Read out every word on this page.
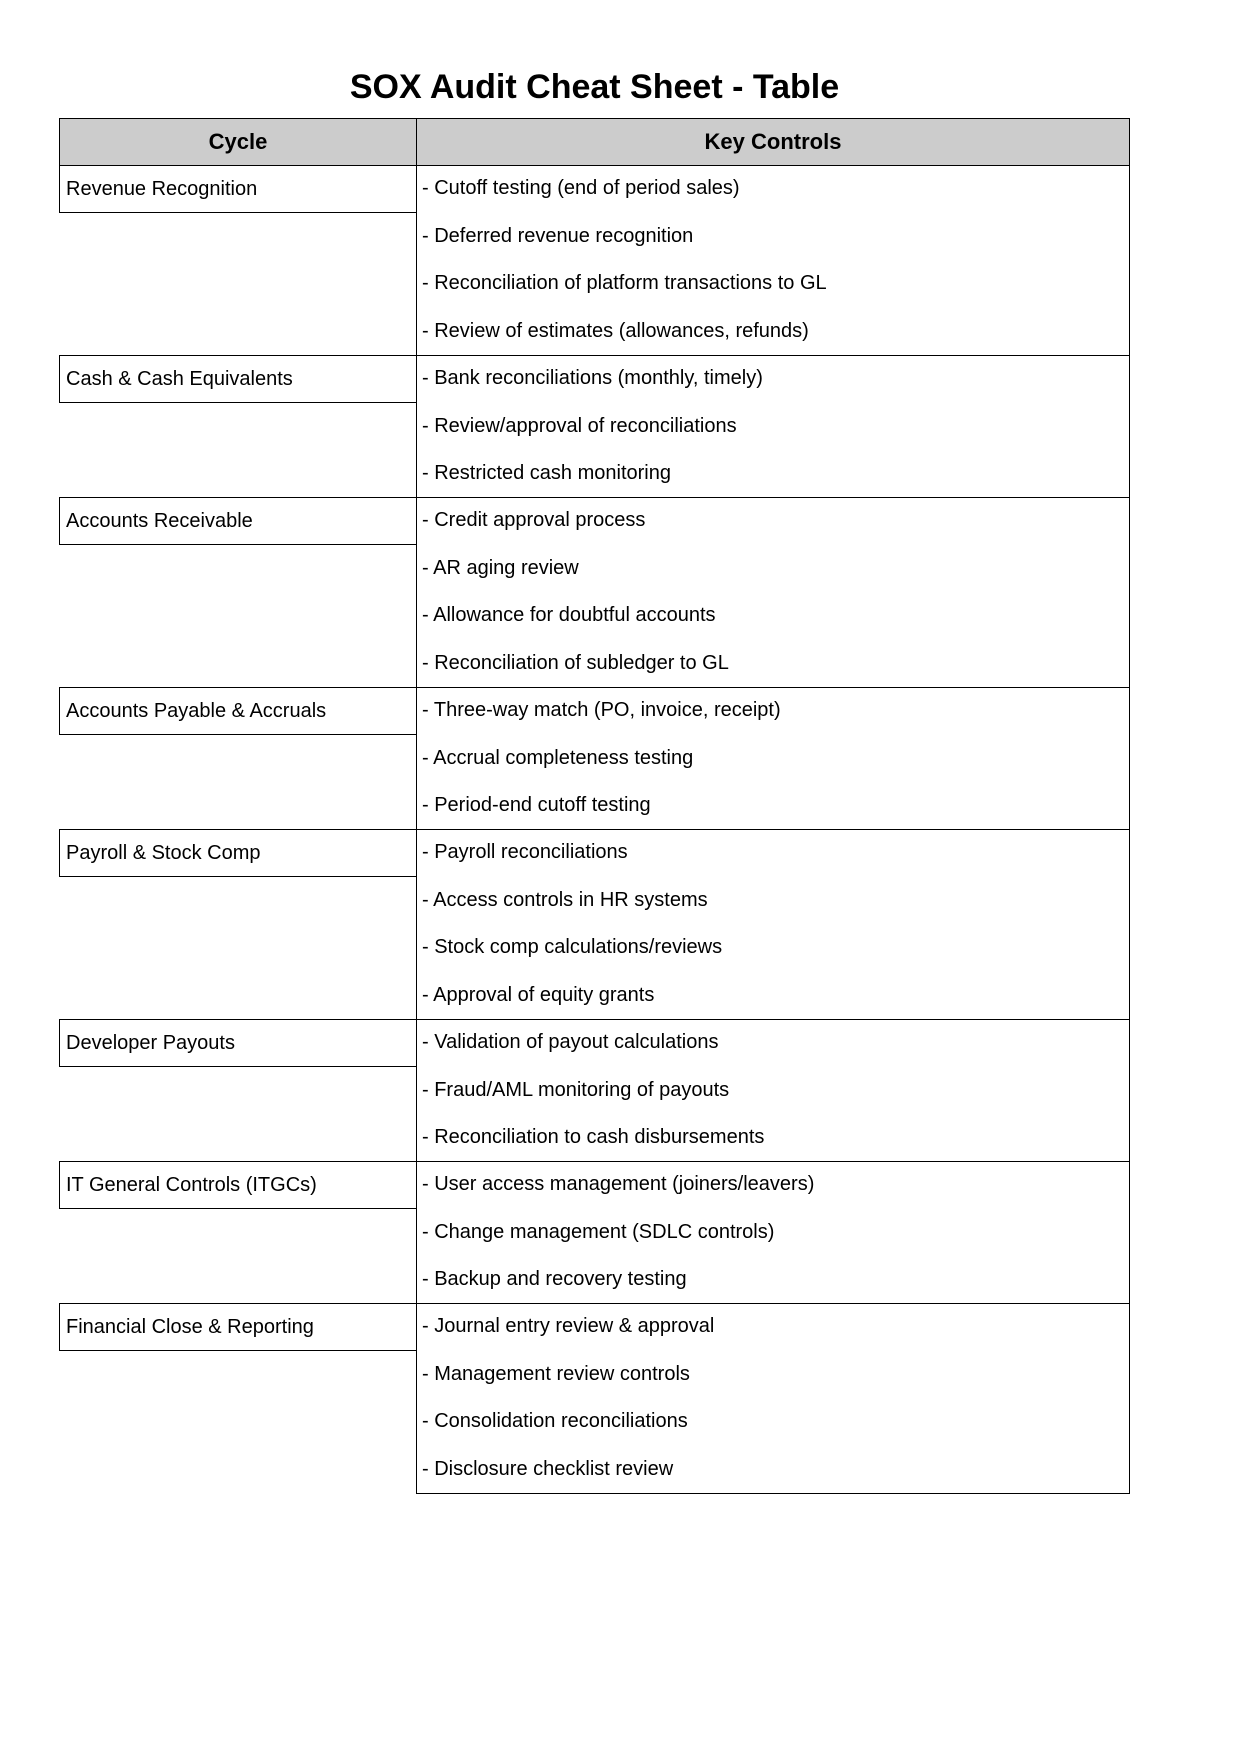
SOX Audit Cheat Sheet - Table
Cycle	Key Controls
Revenue Recognition	- Cutoff testing (end of period sales)
- Deferred revenue recognition
- Reconciliation of platform transactions to GL
- Review of estimates (allowances, refunds)
Cash & Cash Equivalents	- Bank reconciliations (monthly, timely)
- Review/approval of reconciliations
- Restricted cash monitoring
Accounts Receivable	- Credit approval process
- AR aging review
- Allowance for doubtful accounts
- Reconciliation of subledger to GL
Accounts Payable & Accruals	- Three-way match (PO, invoice, receipt)
- Accrual completeness testing
- Period-end cutoff testing
Payroll & Stock Comp	- Payroll reconciliations
- Access controls in HR systems
- Stock comp calculations/reviews
- Approval of equity grants
Developer Payouts	- Validation of payout calculations
- Fraud/AML monitoring of payouts
- Reconciliation to cash disbursements
IT General Controls (ITGCs)	- User access management (joiners/leavers)
- Change management (SDLC controls)
- Backup and recovery testing
Financial Close & Reporting	- Journal entry review & approval
- Management review controls
- Consolidation reconciliations
- Disclosure checklist review
